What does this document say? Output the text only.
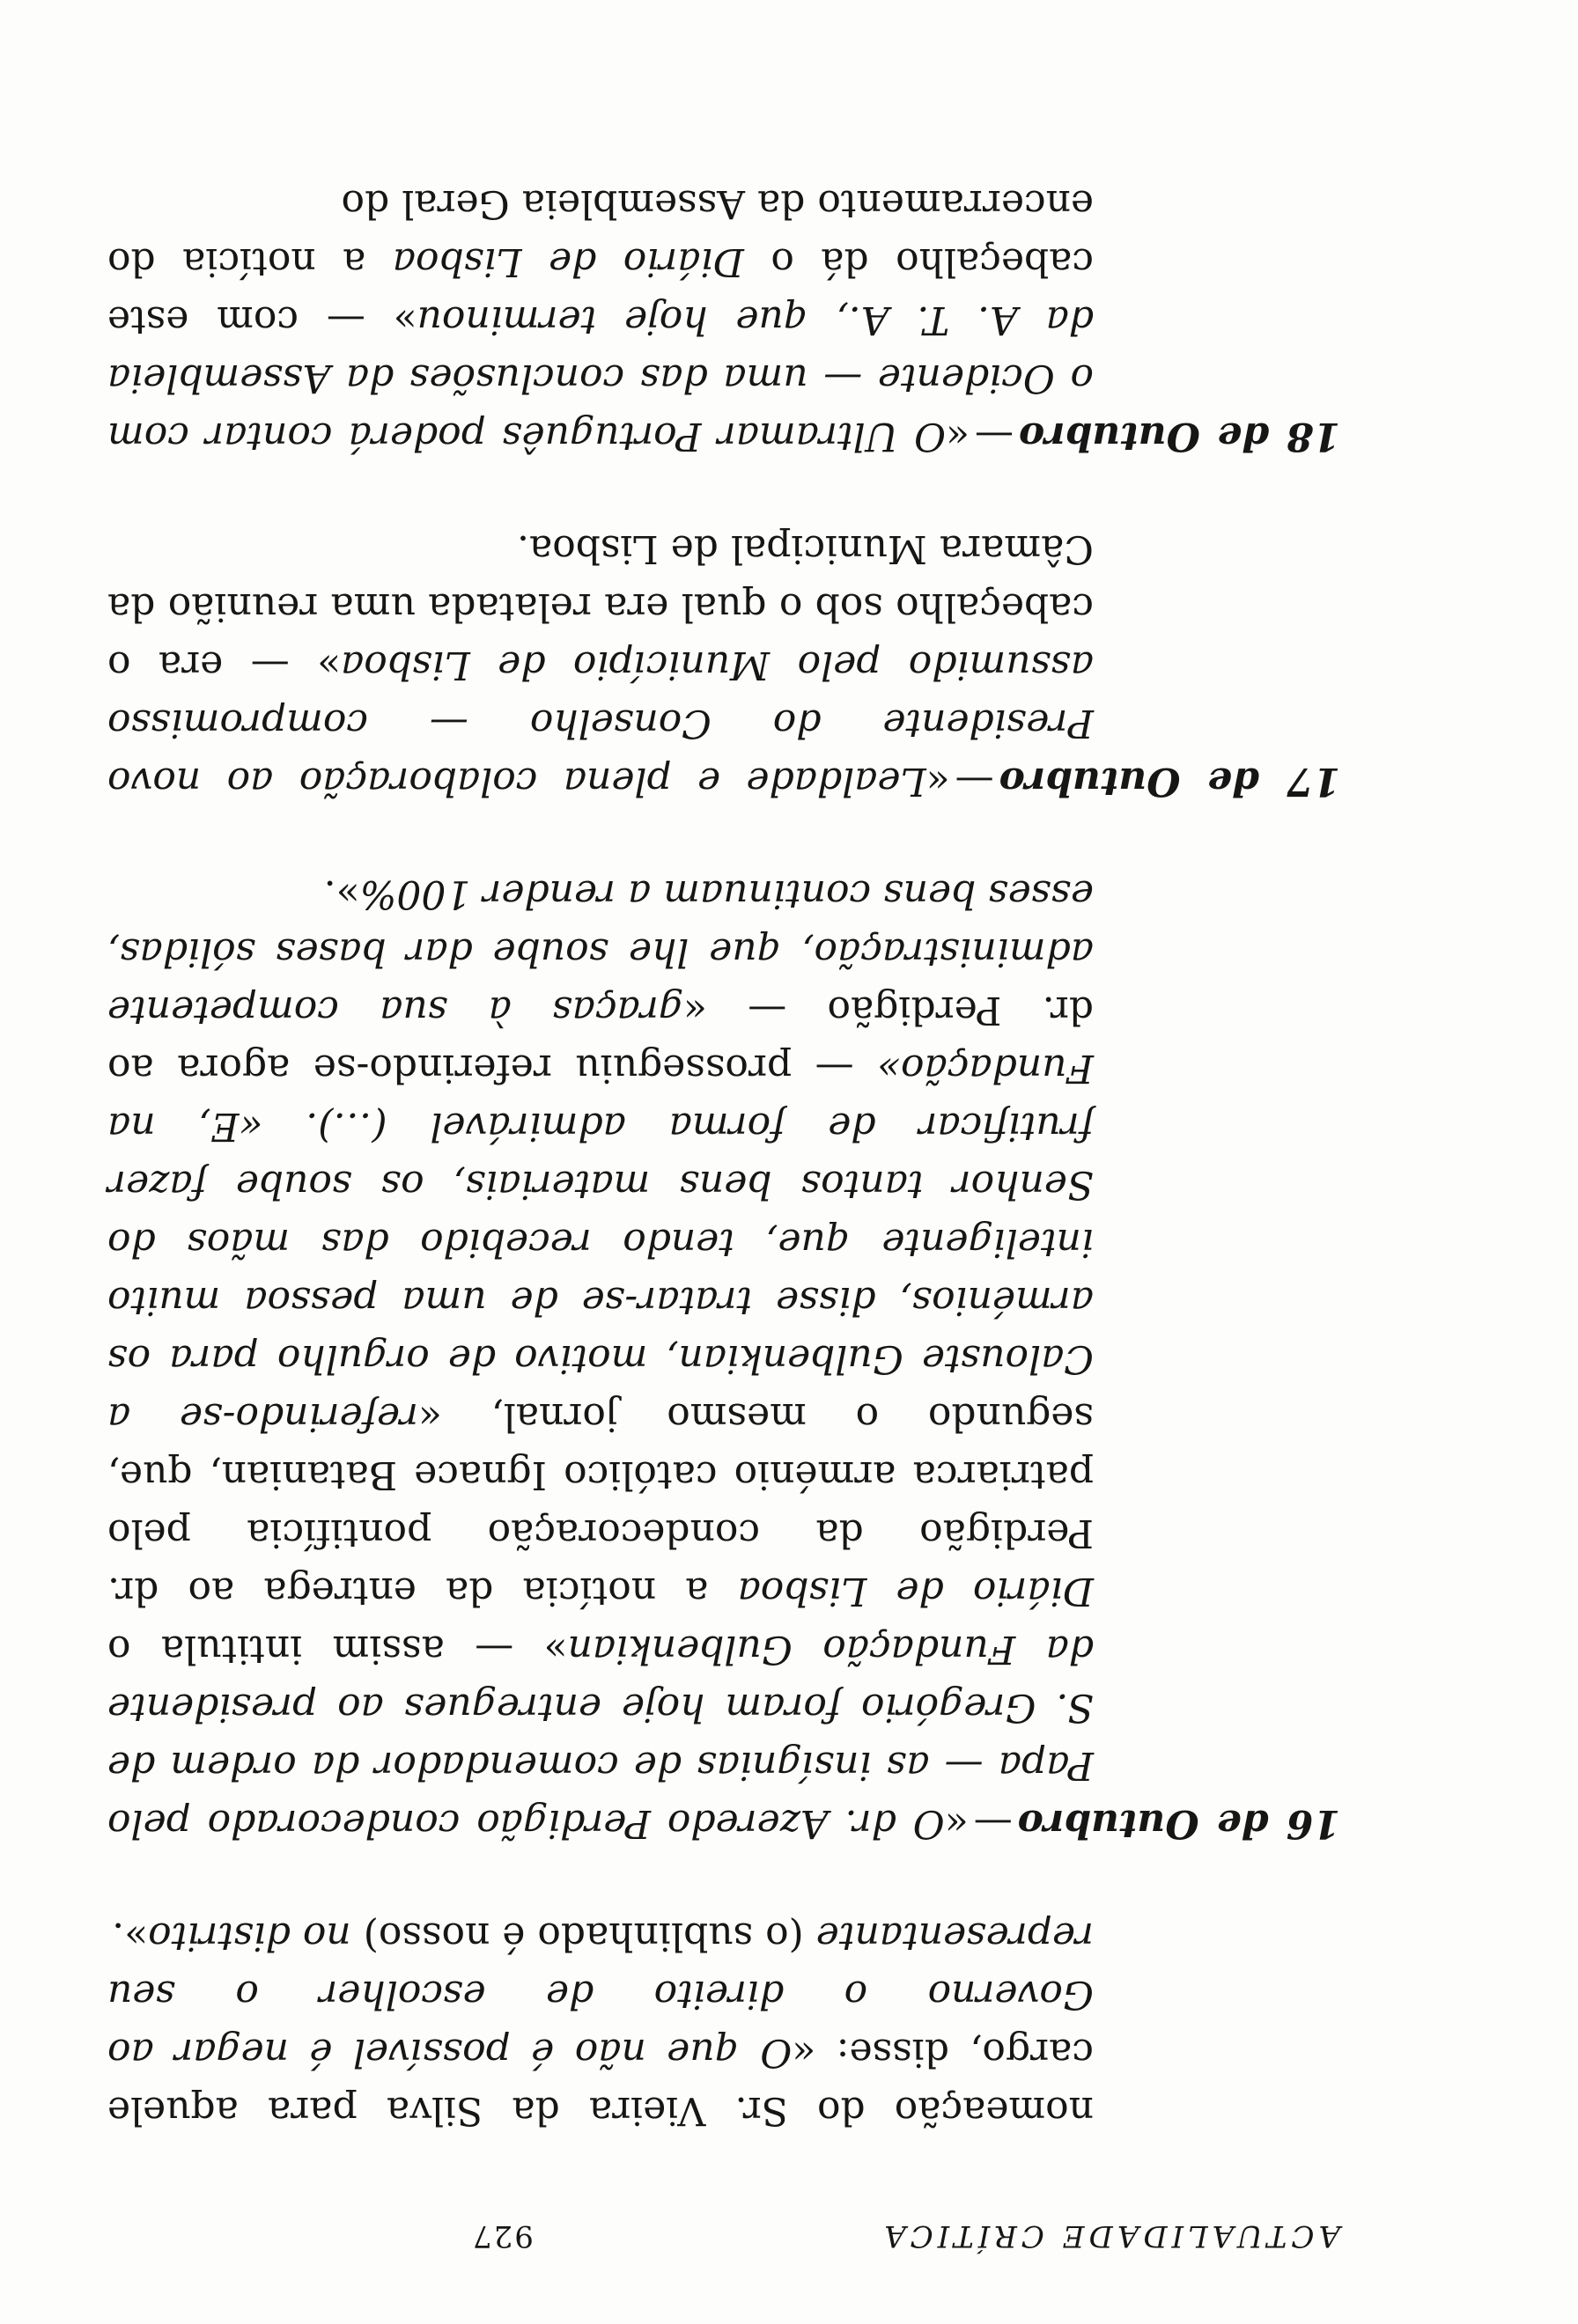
ACTUALIDADE CRÍTICA
927

nomeação do Sr. Vieira da Silva para aquele cargo, disse: «O que não é possível é negar ao Governo o direito de escolher o seu representante (o sublinhado é nosso) no distrito».

16 de Outubro—«O dr. Azeredo Perdigão condecorado pelo Papa — as insígnias de comendador da ordem de S. Gregório foram hoje entregues ao presidente da Fundação Gulbenkian» — assim intitula o Diário de Lisboa a notícia da entrega ao dr. Perdigão da condecoração pontifícia pelo patriarca arménio católico Ignace Batanian, que, segundo o mesmo jornal, «referindo-se a Calouste Gulbenkian, motivo de orgulho para os arménios, disse tratar-se de uma pessoa muito inteligente que, tendo recebido das mãos do Senhor tantos bens materiais, os soube fazer frutificar de forma admirável (…). «E, na Fundação» — prosseguiu referindo-se agora ao dr. Perdigão — «graças à sua competente administração, que lhe soube dar bases sólidas, esses bens continuam a render 100%».

17 de Outubro—«Lealdade e plena colaboração ao novo Presidente do Conselho — compromisso assumido pelo Município de Lisboa» — era o cabeçalho sob o qual era relatada uma reunião da Câmara Municipal de Lisboa.

18 de Outubro—«O Ultramar Português poderá contar com o Ocidente — uma das conclusões da Assembleia da A. T. A., que hoje terminou» — com este cabeçalho dá o Diário de Lisboa a notícia do encerramento da Assembleia Geral do
